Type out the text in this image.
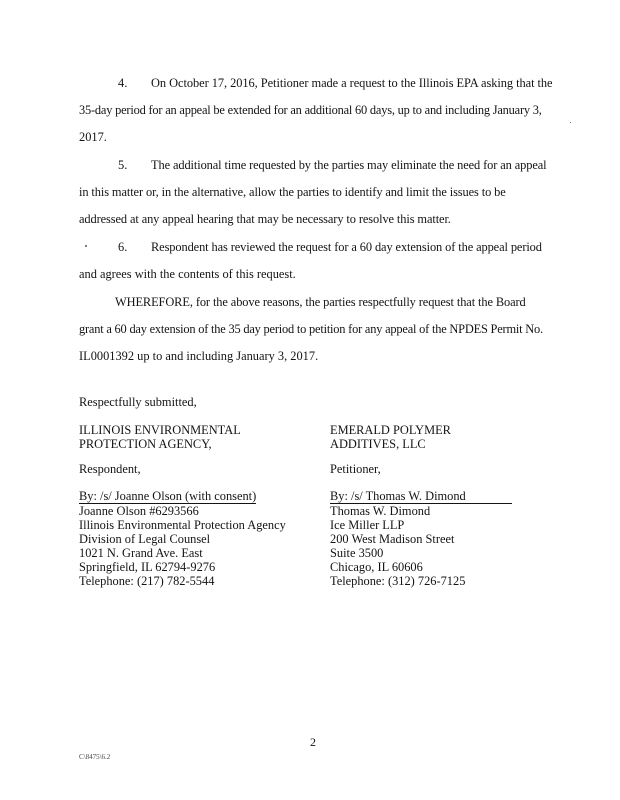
4. On October 17, 2016, Petitioner made a request to the Illinois EPA asking that the
35-day period for an appeal be extended for an additional 60 days, up to and including January 3,
2017.
5. The additional time requested by the parties may eliminate the need for an appeal
in this matter or, in the alternative, allow the parties to identify and limit the issues to be
addressed at any appeal hearing that may be necessary to resolve this matter.
6. Respondent has reviewed the request for a 60 day extension of the appeal period
and agrees with the contents of this request.
WHEREFORE, for the above reasons, the parties respectfully request that the Board
grant a 60 day extension of the 35 day period to petition for any appeal of the NPDES Permit No.
IL0001392 up to and including January 3, 2017.
Respectfully submitted,
ILLINOIS ENVIRONMENTAL
PROTECTION AGENCY,
Respondent,
By: /s/ Joanne Olson (with consent)
Joanne Olson #6293566
Illinois Environmental Protection Agency
Division of Legal Counsel
1021 N. Grand Ave. East
Springfield, IL 62794-9276
Telephone: (217) 782-5544
EMERALD POLYMER
ADDITIVES, LLC
Petitioner,
By: /s/ Thomas W. Dimond
Thomas W. Dimond
Ice Miller LLP
200 West Madison Street
Suite 3500
Chicago, IL 60606
Telephone: (312) 726-7125
2
C\8475\6.2
